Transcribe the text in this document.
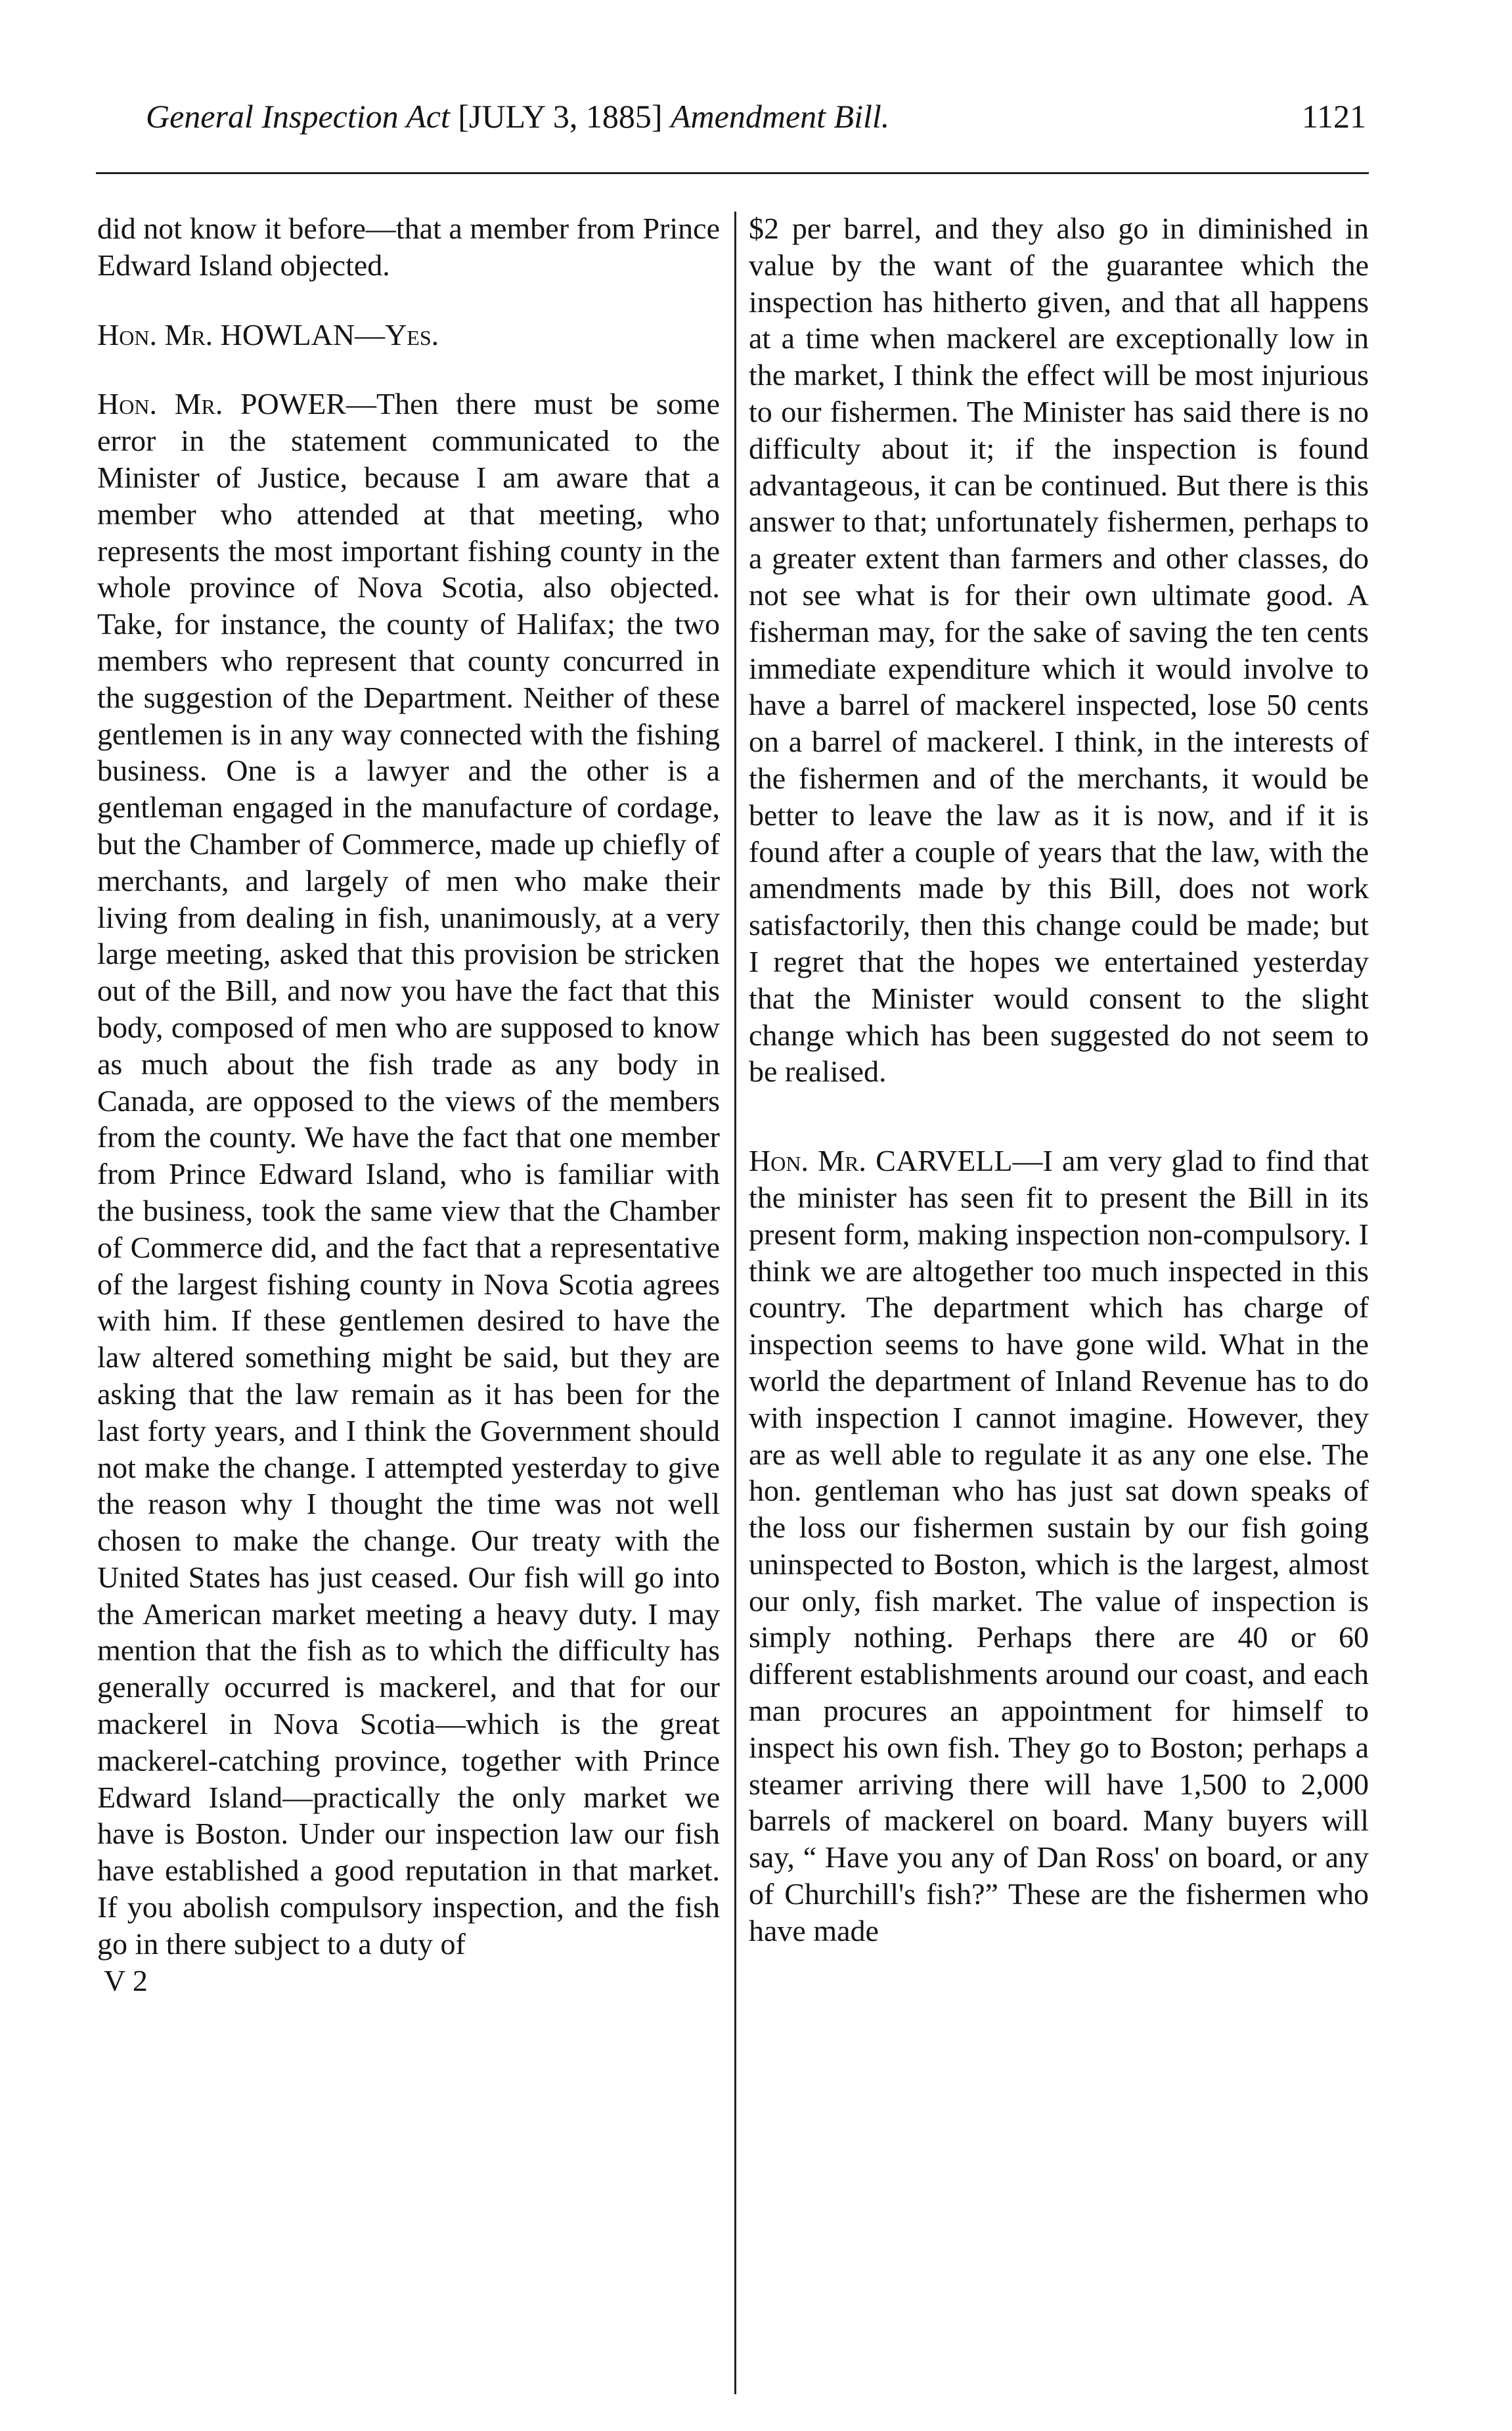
General Inspection Act [JULY 3, 1885] Amendment Bill.	1121

did not know it before—that a member from Prince Edward Island objected.

Hon. Mr. HOWLAN—Yes.

Hon. Mr. POWER—Then there must be some error in the statement communicated to the Minister of Justice, because I am aware that a member who attended at that meeting, who represents the most important fishing county in the whole province of Nova Scotia, also objected. Take, for instance, the county of Halifax; the two members who represent that county concurred in the suggestion of the Department. Neither of these gentlemen is in any way connected with the fishing business. One is a lawyer and the other is a gentleman engaged in the manufacture of cordage, but the Chamber of Commerce, made up chiefly of merchants, and largely of men who make their living from dealing in fish, unanimously, at a very large meeting, asked that this provision be stricken out of the Bill, and now you have the fact that this body, composed of men who are supposed to know as much about the fish trade as any body in Canada, are opposed to the views of the members from the county. We have the fact that one member from Prince Edward Island, who is familiar with the business, took the same view that the Chamber of Commerce did, and the fact that a representative of the largest fishing county in Nova Scotia agrees with him. If these gentlemen desired to have the law altered something might be said, but they are asking that the law remain as it has been for the last forty years, and I think the Government should not make the change. I attempted yesterday to give the reason why I thought the time was not well chosen to make the change. Our treaty with the United States has just ceased. Our fish will go into the American market meeting a heavy duty. I may mention that the fish as to which the difficulty has generally occurred is mackerel, and that for our mackerel in Nova Scotia—which is the great mackerel-catching province, together with Prince Edward Island—practically the only market we have is Boston. Under our inspection law our fish have established a good reputation in that market. If you abolish compulsory inspection, and the fish go in there subject to a duty of

V 2

$2 per barrel, and they also go in diminished in value by the want of the guarantee which the inspection has hitherto given, and that all happens at a time when mackerel are exceptionally low in the market, I think the effect will be most injurious to our fishermen. The Minister has said there is no difficulty about it; if the inspection is found advantageous, it can be continued. But there is this answer to that; unfortunately fishermen, perhaps to a greater extent than farmers and other classes, do not see what is for their own ultimate good. A fisherman may, for the sake of saving the ten cents immediate expenditure which it would involve to have a barrel of mackerel inspected, lose 50 cents on a barrel of mackerel. I think, in the interests of the fishermen and of the merchants, it would be better to leave the law as it is now, and if it is found after a couple of years that the law, with the amendments made by this Bill, does not work satisfactorily, then this change could be made; but I regret that the hopes we entertained yesterday that the Minister would consent to the slight change which has been suggested do not seem to be realised.

Hon. Mr. CARVELL—I am very glad to find that the minister has seen fit to present the Bill in its present form, making inspection non-compulsory. I think we are altogether too much inspected in this country. The department which has charge of inspection seems to have gone wild. What in the world the department of Inland Revenue has to do with inspection I cannot imagine. However, they are as well able to regulate it as any one else. The hon. gentleman who has just sat down speaks of the loss our fishermen sustain by our fish going uninspected to Boston, which is the largest, almost our only, fish market. The value of inspection is simply nothing. Perhaps there are 40 or 60 different establishments around our coast, and each man procures an appointment for himself to inspect his own fish. They go to Boston; perhaps a steamer arriving there will have 1,500 to 2,000 barrels of mackerel on board. Many buyers will say, “ Have you any of Dan Ross' on board, or any of Churchill's fish?” These are the fishermen who have made
